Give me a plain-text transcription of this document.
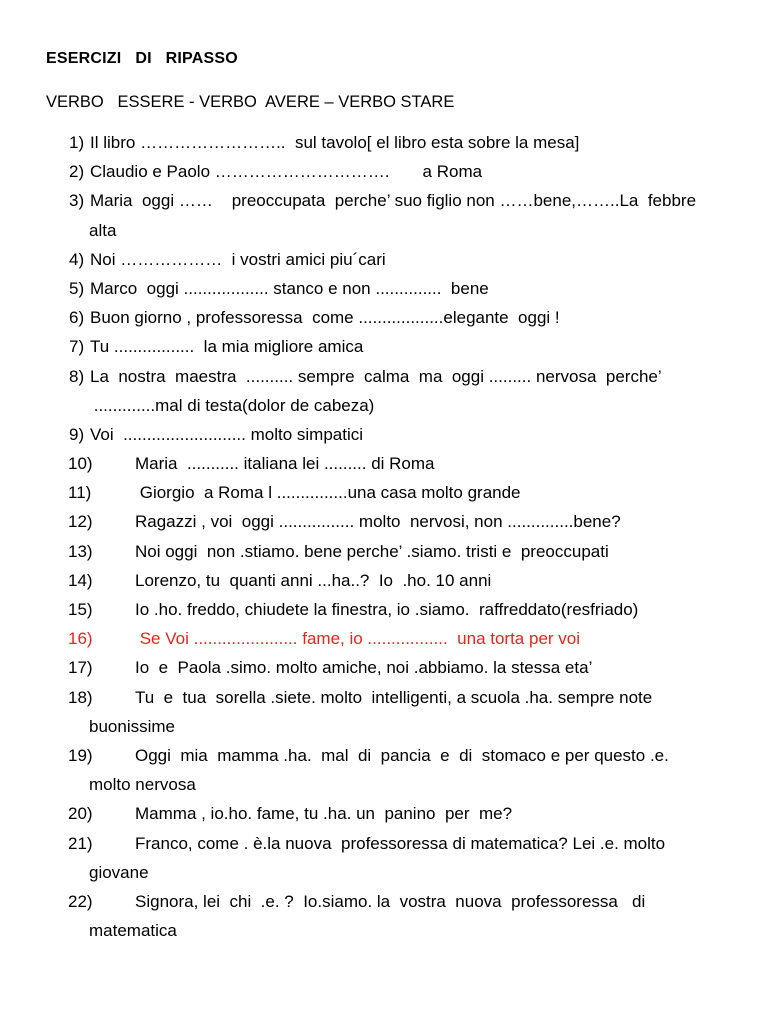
ESERCIZI   DI   RIPASSO
VERBO   ESSERE - VERBO  AVERE – VERBO STARE
1) Il libro ……………………..  sul tavolo[ el libro esta sobre la mesa]
2) Claudio e Paolo ………………………….       a Roma
3) Maria  oggi ……    preoccupata  perche’ suo figlio non ……bene,……..La  febbre
alta
4) Noi ………………  i vostri amici piu´cari
5) Marco  oggi .................. stanco e non ..............  bene
6) Buon giorno , professoressa  come ..................elegante  oggi !
7) Tu .................  la mia migliore amica
8) La  nostra  maestra  .......... sempre  calma  ma  oggi ......... nervosa  perche’
.............mal di testa(dolor de cabeza)
9) Voi  .......................... molto simpatici
10) Maria  ........... italiana lei ......... di Roma
11)	Giorgio  a Roma l ...............una casa molto grande
12) Ragazzi , voi  oggi ................ molto  nervosi, non ..............bene?
13) Noi oggi  non .stiamo. bene perche’ .siamo. tristi e  preoccupati
14) Lorenzo, tu  quanti anni ...ha..?  Io  .ho. 10 anni
15) Io .ho. freddo, chiudete la finestra, io .siamo.  raffreddato(resfriado)
16) Se Voi ...................... fame, io .................  una torta per voi
17) Io  e  Paola .simo. molto amiche, noi .abbiamo. la stessa eta’
18) Tu  e  tua  sorella .siete. molto  intelligenti, a scuola .ha. sempre note
buonissime
19) Oggi  mia  mamma .ha.  mal  di  pancia  e  di  stomaco e per questo .e.
molto nervosa
20) Mamma , io.ho. fame, tu .ha. un  panino  per  me?
21) Franco, come . è.la nuova  professoressa di matematica? Lei .e. molto
giovane
22) Signora, lei  chi  .e. ?  Io.siamo. la  vostra  nuova  professoressa   di
matematica
